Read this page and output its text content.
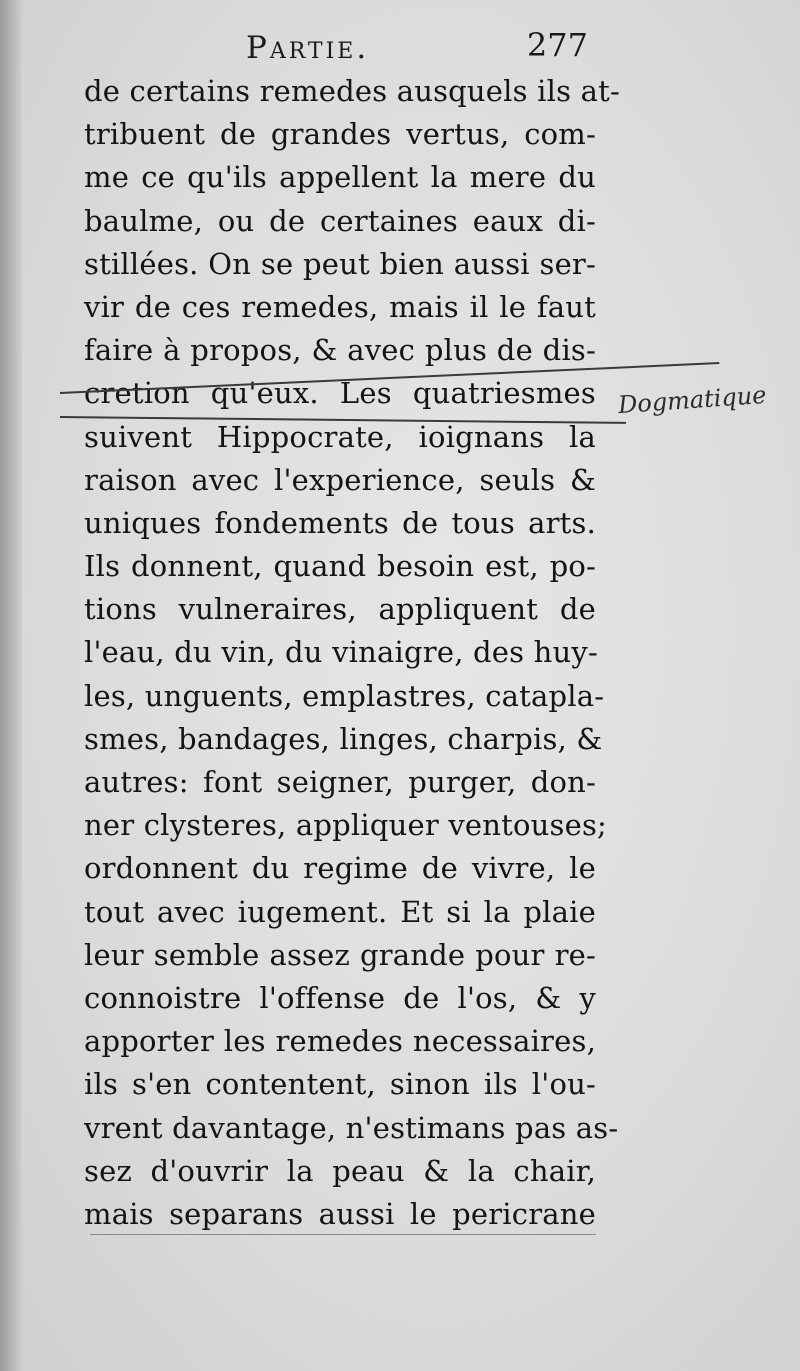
Partie.	277
de certains remedes ausquels ils at-
tribuent de grandes vertus, com-
me ce qu'ils appellent la mere du
baulme, ou de certaines eaux di-
stillées. On se peut bien aussi ser-
vir de ces remedes, mais il le faut
faire à propos, & avec plus de dis-
cretion qu'eux. Les quatriesmes
suivent Hippocrate, ioignans la
raison avec l'experience, seuls &
uniques fondements de tous arts.
Ils donnent, quand besoin est, po-
tions vulneraires, appliquent de
l'eau, du vin, du vinaigre, des huy-
les, unguents, emplastres, catapla-
smes, bandages, linges, charpis, &
autres: font seigner, purger, don-
ner clysteres, appliquer ventouses;
ordonnent du regime de vivre, le
tout avec iugement. Et si la plaie
leur semble assez grande pour re-
connoistre l'offense de l'os, & y
apporter les remedes necessaires,
ils s'en contentent, sinon ils l'ou-
vrent davantage, n'estimans pas as-
sez d'ouvrir la peau & la chair,
mais separans aussi le pericrane
Dogmatique
